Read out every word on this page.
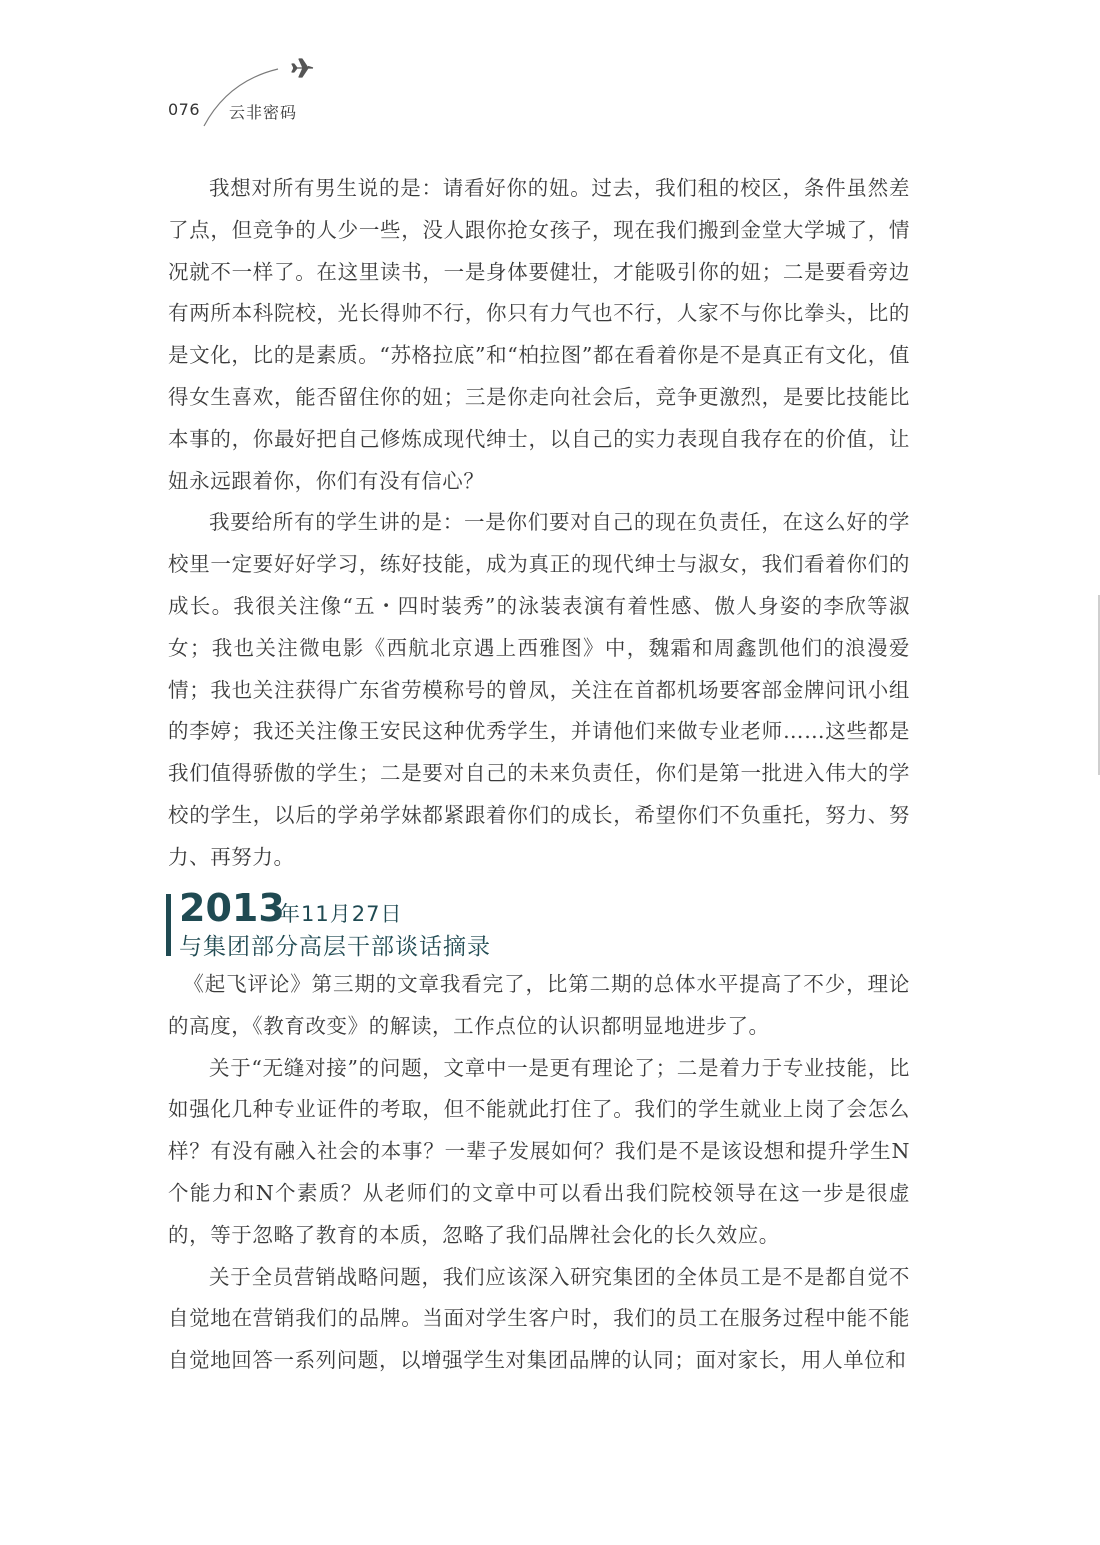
076 云非密码

我想对所有男生说的是：请看好你的妞。过去，我们租的校区，条件虽然差了点，但竞争的人少一些，没人跟你抢女孩子，现在我们搬到金堂大学城了，情况就不一样了。在这里读书，一是身体要健壮，才能吸引你的妞；二是要看旁边有两所本科院校，光长得帅不行，你只有力气也不行，人家不与你比拳头，比的是文化，比的是素质。“苏格拉底”和“柏拉图”都在看着你是不是真正有文化，值得女生喜欢，能否留住你的妞；三是你走向社会后，竞争更激烈，是要比技能比本事的，你最好把自己修炼成现代绅士，以自己的实力表现自我存在的价值，让妞永远跟着你，你们有没有信心？

我要给所有的学生讲的是：一是你们要对自己的现在负责任，在这么好的学校里一定要好好学习，练好技能，成为真正的现代绅士与淑女，我们看着你们的成长。我很关注像“五・四时装秀”的泳装表演有着性感、傲人身姿的李欣等淑女；我也关注微电影《西航北京遇上西雅图》中，魏霜和周鑫凯他们的浪漫爱情；我也关注获得广东省劳模称号的曾凤，关注在首都机场要客部金牌问讯小组的李婷；我还关注像王安民这种优秀学生，并请他们来做专业老师……这些都是我们值得骄傲的学生；二是要对自己的未来负责任，你们是第一批进入伟大的学校的学生，以后的学弟学妹都紧跟着你们的成长，希望你们不负重托，努力、努力、再努力。

2013
年11月27日
与集团部分高层干部谈话摘录

《起飞评论》第三期的文章我看完了，比第二期的总体水平提高了不少，理论的高度，《教育改变》的解读，工作点位的认识都明显地进步了。

关于“无缝对接”的问题，文章中一是更有理论了；二是着力于专业技能，比如强化几种专业证件的考取，但不能就此打住了。我们的学生就业上岗了会怎么样？有没有融入社会的本事？一辈子发展如何？我们是不是该设想和提升学生N个能力和N个素质？从老师们的文章中可以看出我们院校领导在这一步是很虚的，等于忽略了教育的本质，忽略了我们品牌社会化的长久效应。

关于全员营销战略问题，我们应该深入研究集团的全体员工是不是都自觉不自觉地在营销我们的品牌。当面对学生客户时，我们的员工在服务过程中能不能自觉地回答一系列问题，以增强学生对集团品牌的认同；面对家长，用人单位和
